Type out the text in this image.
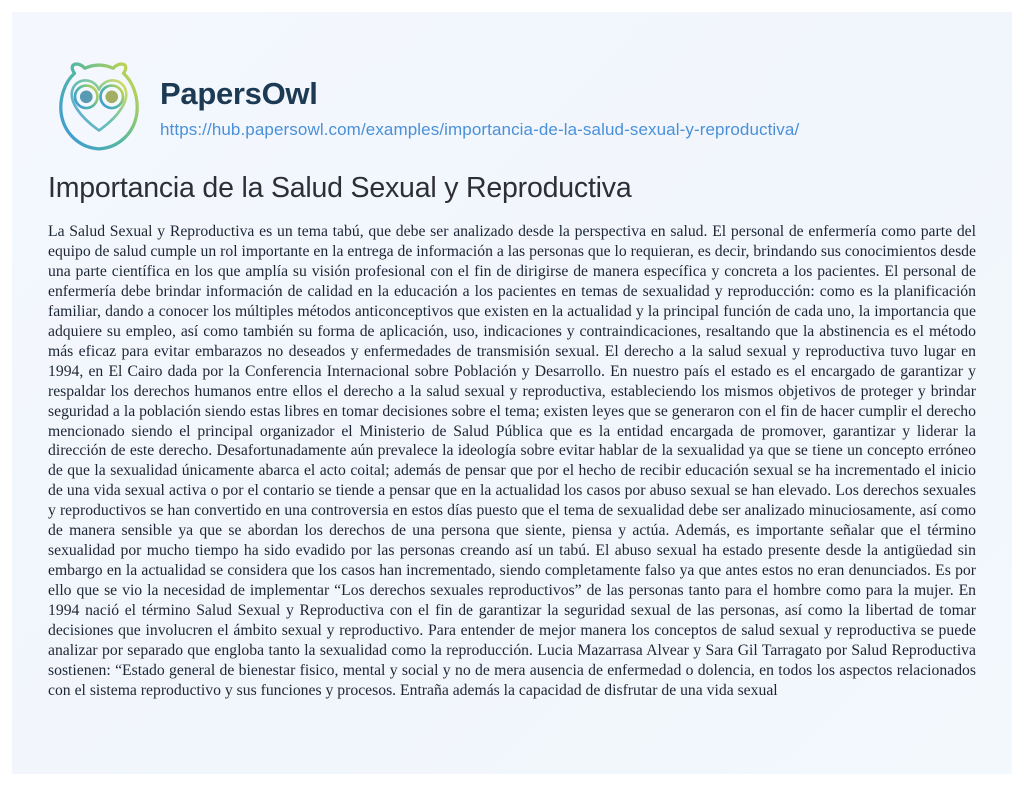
PapersOwl
https://hub.papersowl.com/examples/importancia-de-la-salud-sexual-y-reproductiva/
Importancia de la Salud Sexual y Reproductiva

La Salud Sexual y Reproductiva es un tema tabú, que debe ser analizado desde la perspectiva en salud. El personal de enfermería como parte del equipo de salud cumple un rol importante en la entrega de información a las personas que lo requieran, es decir, brindando sus conocimientos desde una parte científica en los que amplía su visión profesional con el fin de dirigirse de manera específica y concreta a los pacientes. El personal de enfermería debe brindar información de calidad en la educación a los pacientes en temas de sexualidad y reproducción: como es la planificación familiar, dando a conocer los múltiples métodos anticonceptivos que existen en la actualidad y la principal función de cada uno, la importancia que adquiere su empleo, así como también su forma de aplicación, uso, indicaciones y contraindicaciones, resaltando que la abstinencia es el método más eficaz para evitar embarazos no deseados y enfermedades de transmisión sexual. El derecho a la salud sexual y reproductiva tuvo lugar en 1994, en El Cairo dada por la Conferencia Internacional sobre Población y Desarrollo. En nuestro país el estado es el encargado de garantizar y respaldar los derechos humanos entre ellos el derecho a la salud sexual y reproductiva, estableciendo los mismos objetivos de proteger y brindar seguridad a la población siendo estas libres en tomar decisiones sobre el tema; existen leyes que se generaron con el fin de hacer cumplir el derecho mencionado siendo el principal organizador el Ministerio de Salud Pública que es la entidad encargada de promover, garantizar y liderar la dirección de este derecho. Desafortunadamente aún prevalece la ideología sobre evitar hablar de la sexualidad ya que se tiene un concepto erróneo de que la sexualidad únicamente abarca el acto coital; además de pensar que por el hecho de recibir educación sexual se ha incrementado el inicio de una vida sexual activa o por el contario se tiende a pensar que en la actualidad los casos por abuso sexual se han elevado. Los derechos sexuales y reproductivos se han convertido en una controversia en estos días puesto que el tema de sexualidad debe ser analizado minuciosamente, así como de manera sensible ya que se abordan los derechos de una persona que siente, piensa y actúa. Además, es importante señalar que el término sexualidad por mucho tiempo ha sido evadido por las personas creando así un tabú. El abuso sexual ha estado presente desde la antigüedad sin embargo en la actualidad se considera que los casos han incrementado, siendo completamente falso ya que antes estos no eran denunciados. Es por ello que se vio la necesidad de implementar “Los derechos sexuales reproductivos” de las personas tanto para el hombre como para la mujer. En 1994 nació el término Salud Sexual y Reproductiva con el fin de garantizar la seguridad sexual de las personas, así como la libertad de tomar decisiones que involucren el ámbito sexual y reproductivo. Para entender de mejor manera los conceptos de salud sexual y reproductiva se puede analizar por separado que engloba tanto la sexualidad como la reproducción. Lucia Mazarrasa Alvear y Sara Gil Tarragato por Salud Reproductiva sostienen: “Estado general de bienestar fisico, mental y social y no de mera ausencia de enfermedad o dolencia, en todos los aspectos relacionados con el sistema reproductivo y sus funciones y procesos. Entraña además la capacidad de disfrutar de una vida sexual
